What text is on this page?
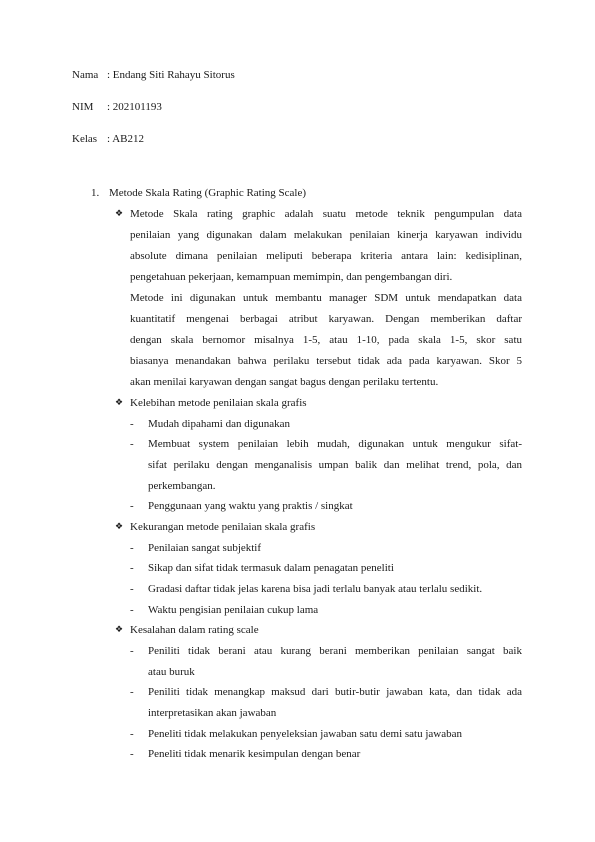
Nama : Endang Siti Rahayu Sitorus
NIM : 202101193
Kelas : AB212
1. Metode Skala Rating (Graphic Rating Scale)
❖ Metode Skala rating graphic adalah suatu metode teknik pengumpulan data
penilaian yang digunakan dalam melakukan penilaian kinerja karyawan individu
absolute dimana penilaian meliputi beberapa kriteria antara lain: kedisiplinan,
pengetahuan pekerjaan, kemampuan memimpin, dan pengembangan diri.
Metode ini digunakan untuk membantu manager SDM untuk mendapatkan data
kuantitatif mengenai berbagai atribut karyawan. Dengan memberikan daftar
dengan skala bernomor misalnya 1-5, atau 1-10, pada skala 1-5, skor satu
biasanya menandakan bahwa perilaku tersebut tidak ada pada karyawan. Skor 5
akan menilai karyawan dengan sangat bagus dengan perilaku tertentu.
❖ Kelebihan metode penilaian skala grafis
- Mudah dipahami dan digunakan
- Membuat system penilaian lebih mudah, digunakan untuk mengukur sifat-
sifat perilaku dengan menganalisis umpan balik dan melihat trend, pola, dan
perkembangan.
- Penggunaan yang waktu yang praktis / singkat
❖ Kekurangan metode penilaian skala grafis
- Penilaian sangat subjektif
- Sikap dan sifat tidak termasuk dalam penagatan peneliti
- Gradasi daftar tidak jelas karena bisa jadi terlalu banyak atau terlalu sedikit.
- Waktu pengisian penilaian cukup lama
❖ Kesalahan dalam rating scale
- Peniliti tidak berani atau kurang berani memberikan penilaian sangat baik
atau buruk
- Peniliti tidak menangkap maksud dari butir-butir jawaban kata, dan tidak ada
interpretasikan akan jawaban
- Peneliti tidak melakukan penyeleksian jawaban satu demi satu jawaban
- Peneliti tidak menarik kesimpulan dengan benar
